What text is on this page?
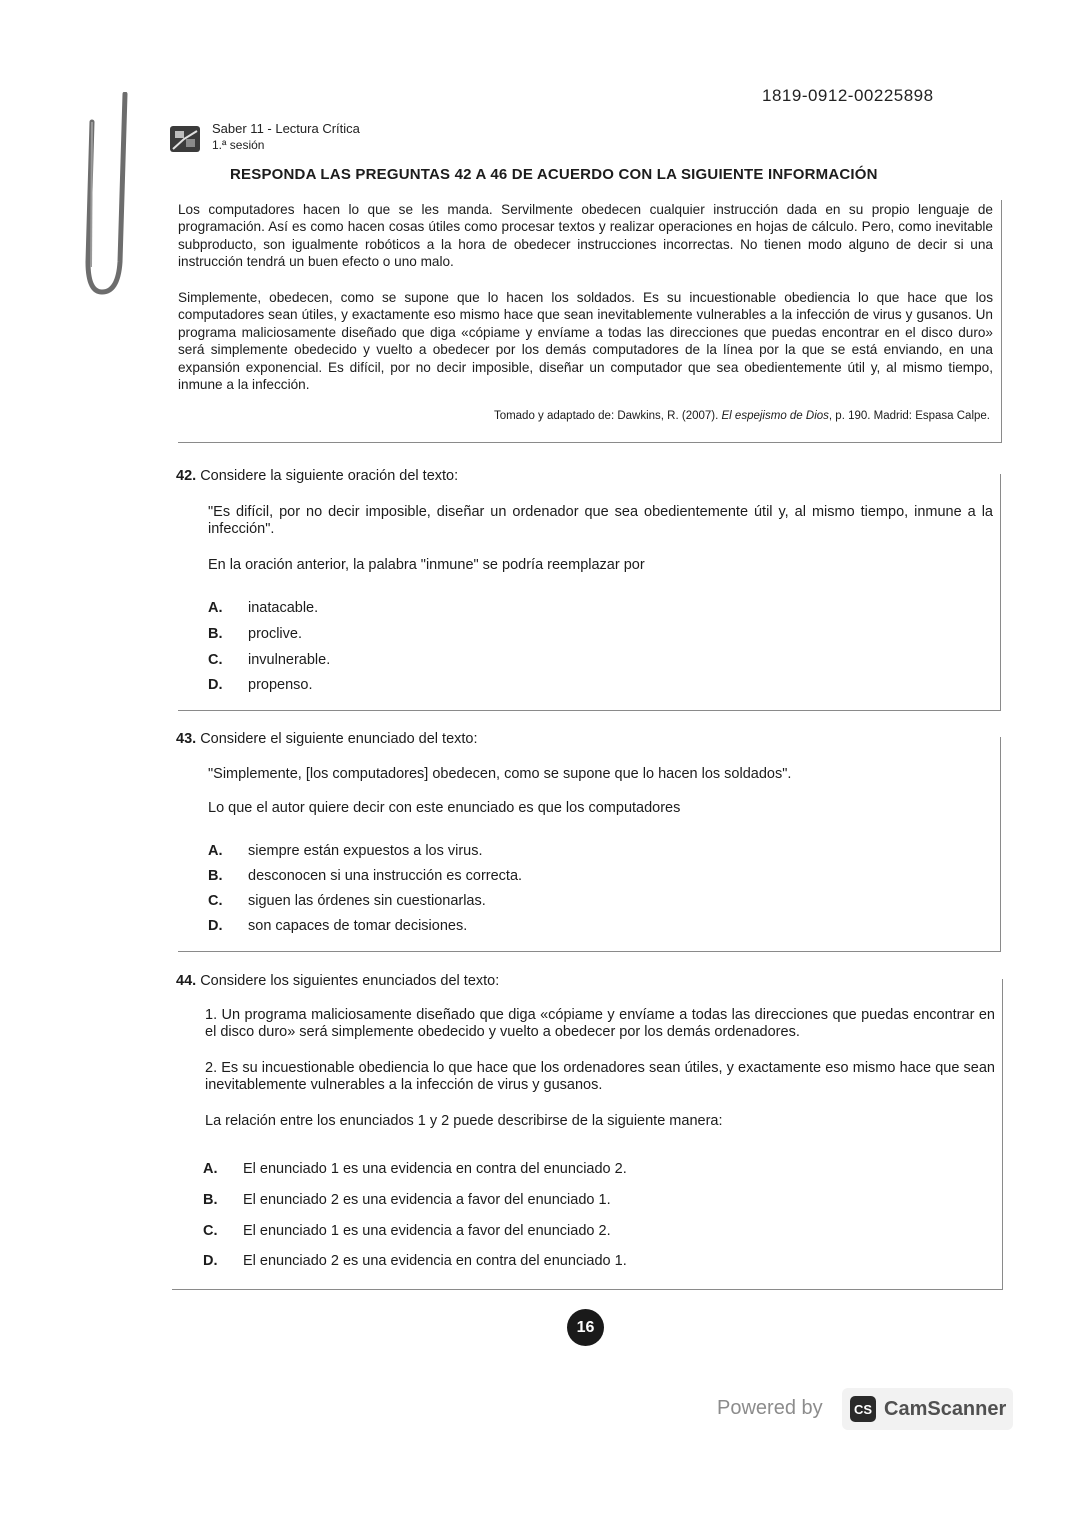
1819-0912-00225898
Saber 11 - Lectura Crítica
1.ª sesión
RESPONDA LAS PREGUNTAS 42 A 46 DE ACUERDO CON LA SIGUIENTE INFORMACIÓN
Los computadores hacen lo que se les manda. Servilmente obedecen cualquier instrucción dada en su propio lenguaje de programación. Así es como hacen cosas útiles como procesar textos y realizar operaciones en hojas de cálculo. Pero, como inevitable subproducto, son igualmente robóticos a la hora de obedecer instrucciones incorrectas. No tienen modo alguno de decir si una instrucción tendrá un buen efecto o uno malo.
Simplemente, obedecen, como se supone que lo hacen los soldados. Es su incuestionable obediencia lo que hace que los computadores sean útiles, y exactamente eso mismo hace que sean inevitablemente vulnerables a la infección de virus y gusanos. Un programa maliciosamente diseñado que diga «cópiame y envíame a todas las direcciones que puedas encontrar en el disco duro» será simplemente obedecido y vuelto a obedecer por los demás computadores de la línea por la que se está enviando, en una expansión exponencial. Es difícil, por no decir imposible, diseñar un computador que sea obedientemente útil y, al mismo tiempo, inmune a la infección.
Tomado y adaptado de: Dawkins, R. (2007). El espejismo de Dios, p. 190. Madrid: Espasa Calpe.
42. Considere la siguiente oración del texto:
"Es difícil, por no decir imposible, diseñar un ordenador que sea obedientemente útil y, al mismo tiempo, inmune a la infección".
En la oración anterior, la palabra "inmune" se podría reemplazar por
A. inatacable.
B. proclive.
C. invulnerable.
D. propenso.
43. Considere el siguiente enunciado del texto:
"Simplemente, [los computadores] obedecen, como se supone que lo hacen los soldados".
Lo que el autor quiere decir con este enunciado es que los computadores
A. siempre están expuestos a los virus.
B. desconocen si una instrucción es correcta.
C. siguen las órdenes sin cuestionarlas.
D. son capaces de tomar decisiones.
44. Considere los siguientes enunciados del texto:
1. Un programa maliciosamente diseñado que diga «cópiame y envíame a todas las direcciones que puedas encontrar en el disco duro» será simplemente obedecido y vuelto a obedecer por los demás ordenadores.
2. Es su incuestionable obediencia lo que hace que los ordenadores sean útiles, y exactamente eso mismo hace que sean inevitablemente vulnerables a la infección de virus y gusanos.
La relación entre los enunciados 1 y 2 puede describirse de la siguiente manera:
A. El enunciado 1 es una evidencia en contra del enunciado 2.
B. El enunciado 2 es una evidencia a favor del enunciado 1.
C. El enunciado 1 es una evidencia a favor del enunciado 2.
D. El enunciado 2 es una evidencia en contra del enunciado 1.
16
Powered by	CS CamScanner
